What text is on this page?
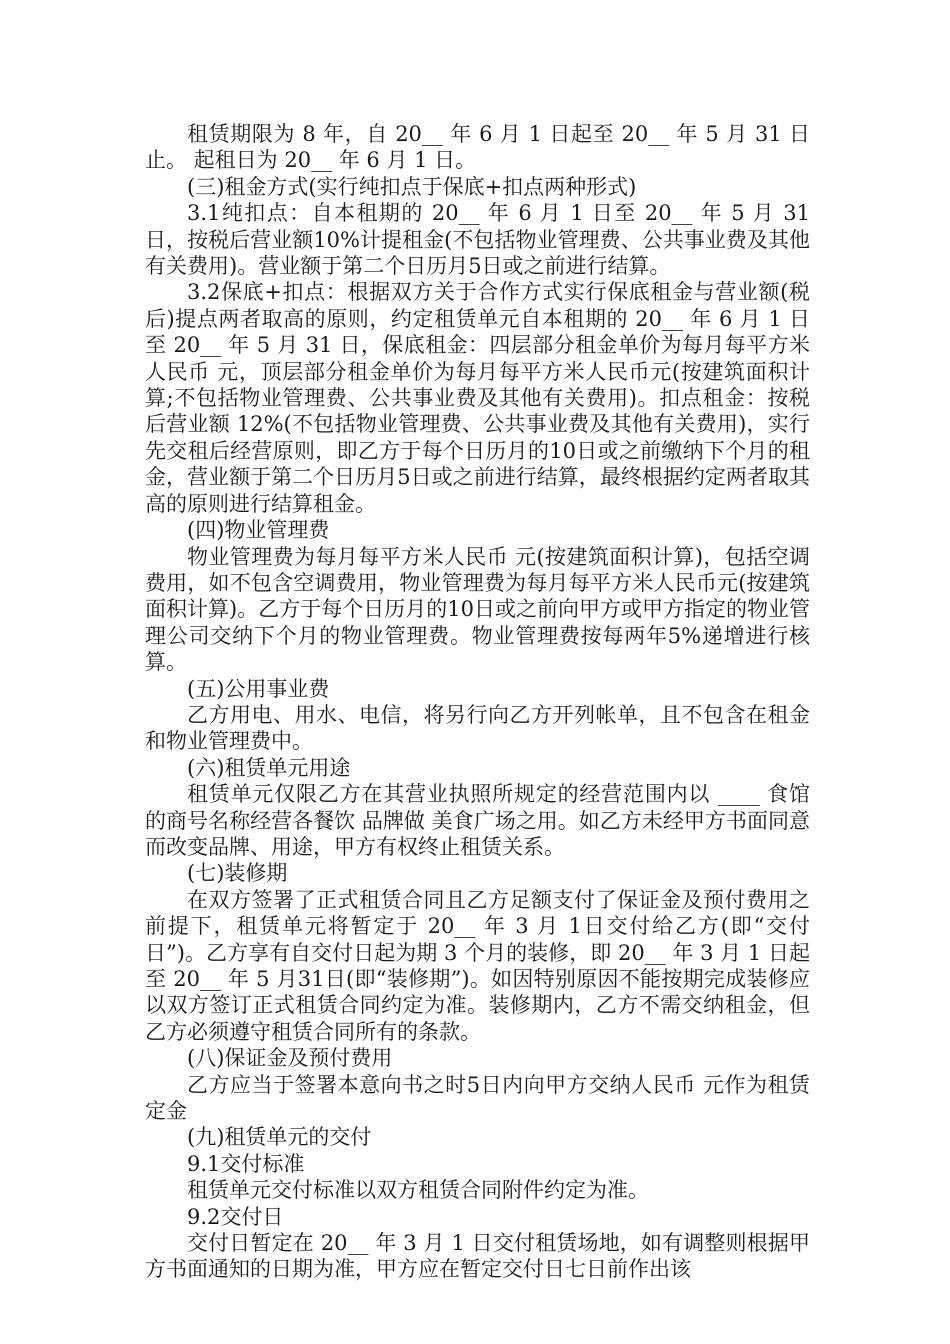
租赁期限为 8 年，自 20__ 年 6 月 1 日起至 20__ 年 5 月 31 日止。 起租日为 20__ 年 6 月 1 日。

(三)租金方式(实行纯扣点于保底+扣点两种形式)

3.1纯扣点：自本租期的 20__ 年 6 月 1 日至 20__ 年 5 月 31日，按税后营业额10%计提租金(不包括物业管理费、公共事业费及其他有关费用)。营业额于第二个日历月5日或之前进行结算。

3.2保底+扣点：根据双方关于合作方式实行保底租金与营业额(税后)提点两者取高的原则，约定租赁单元自本租期的 20__ 年 6 月 1 日至 20__ 年 5 月 31 日，保底租金：四层部分租金单价为每月每平方米人民币 元，顶层部分租金单价为每月每平方米人民币元(按建筑面积计算;不包括物业管理费、公共事业费及其他有关费用)。扣点租金：按税后营业额 12%(不包括物业管理费、公共事业费及其他有关费用)，实行先交租后经营原则，即乙方于每个日历月的10日或之前缴纳下个月的租金，营业额于第二个日历月5日或之前进行结算，最终根据约定两者取其高的原则进行结算租金。

(四)物业管理费

物业管理费为每月每平方米人民币 元(按建筑面积计算)，包括空调费用，如不包含空调费用，物业管理费为每月每平方米人民币元(按建筑面积计算)。乙方于每个日历月的10日或之前向甲方或甲方指定的物业管理公司交纳下个月的物业管理费。物业管理费按每两年5%递增进行核算。

(五)公用事业费

乙方用电、用水、电信，将另行向乙方开列帐单，且不包含在租金和物业管理费中。

(六)租赁单元用途

租赁单元仅限乙方在其营业执照所规定的经营范围内以 ____ 食馆 的商号名称经营各餐饮 品牌做 美食广场之用。如乙方未经甲方书面同意而改变品牌、用途，甲方有权终止租赁关系。

(七)装修期

在双方签署了正式租赁合同且乙方足额支付了保证金及预付费用之前提下，租赁单元将暂定于 20__ 年 3 月 1日交付给乙方(即“交付日”)。乙方享有自交付日起为期 3 个月的装修，即 20__ 年 3 月 1 日起至 20__ 年 5 月31日(即“装修期”)。如因特别原因不能按期完成装修应以双方签订正式租赁合同约定为准。装修期内，乙方不需交纳租金，但乙方必须遵守租赁合同所有的条款。

(八)保证金及预付费用

乙方应当于签署本意向书之时5日内向甲方交纳人民币 元作为租赁定金

(九)租赁单元的交付

9.1交付标准

租赁单元交付标准以双方租赁合同附件约定为准。

9.2交付日

交付日暂定在 20__ 年 3 月 1 日交付租赁场地，如有调整则根据甲方书面通知的日期为准，甲方应在暂定交付日七日前作出该
